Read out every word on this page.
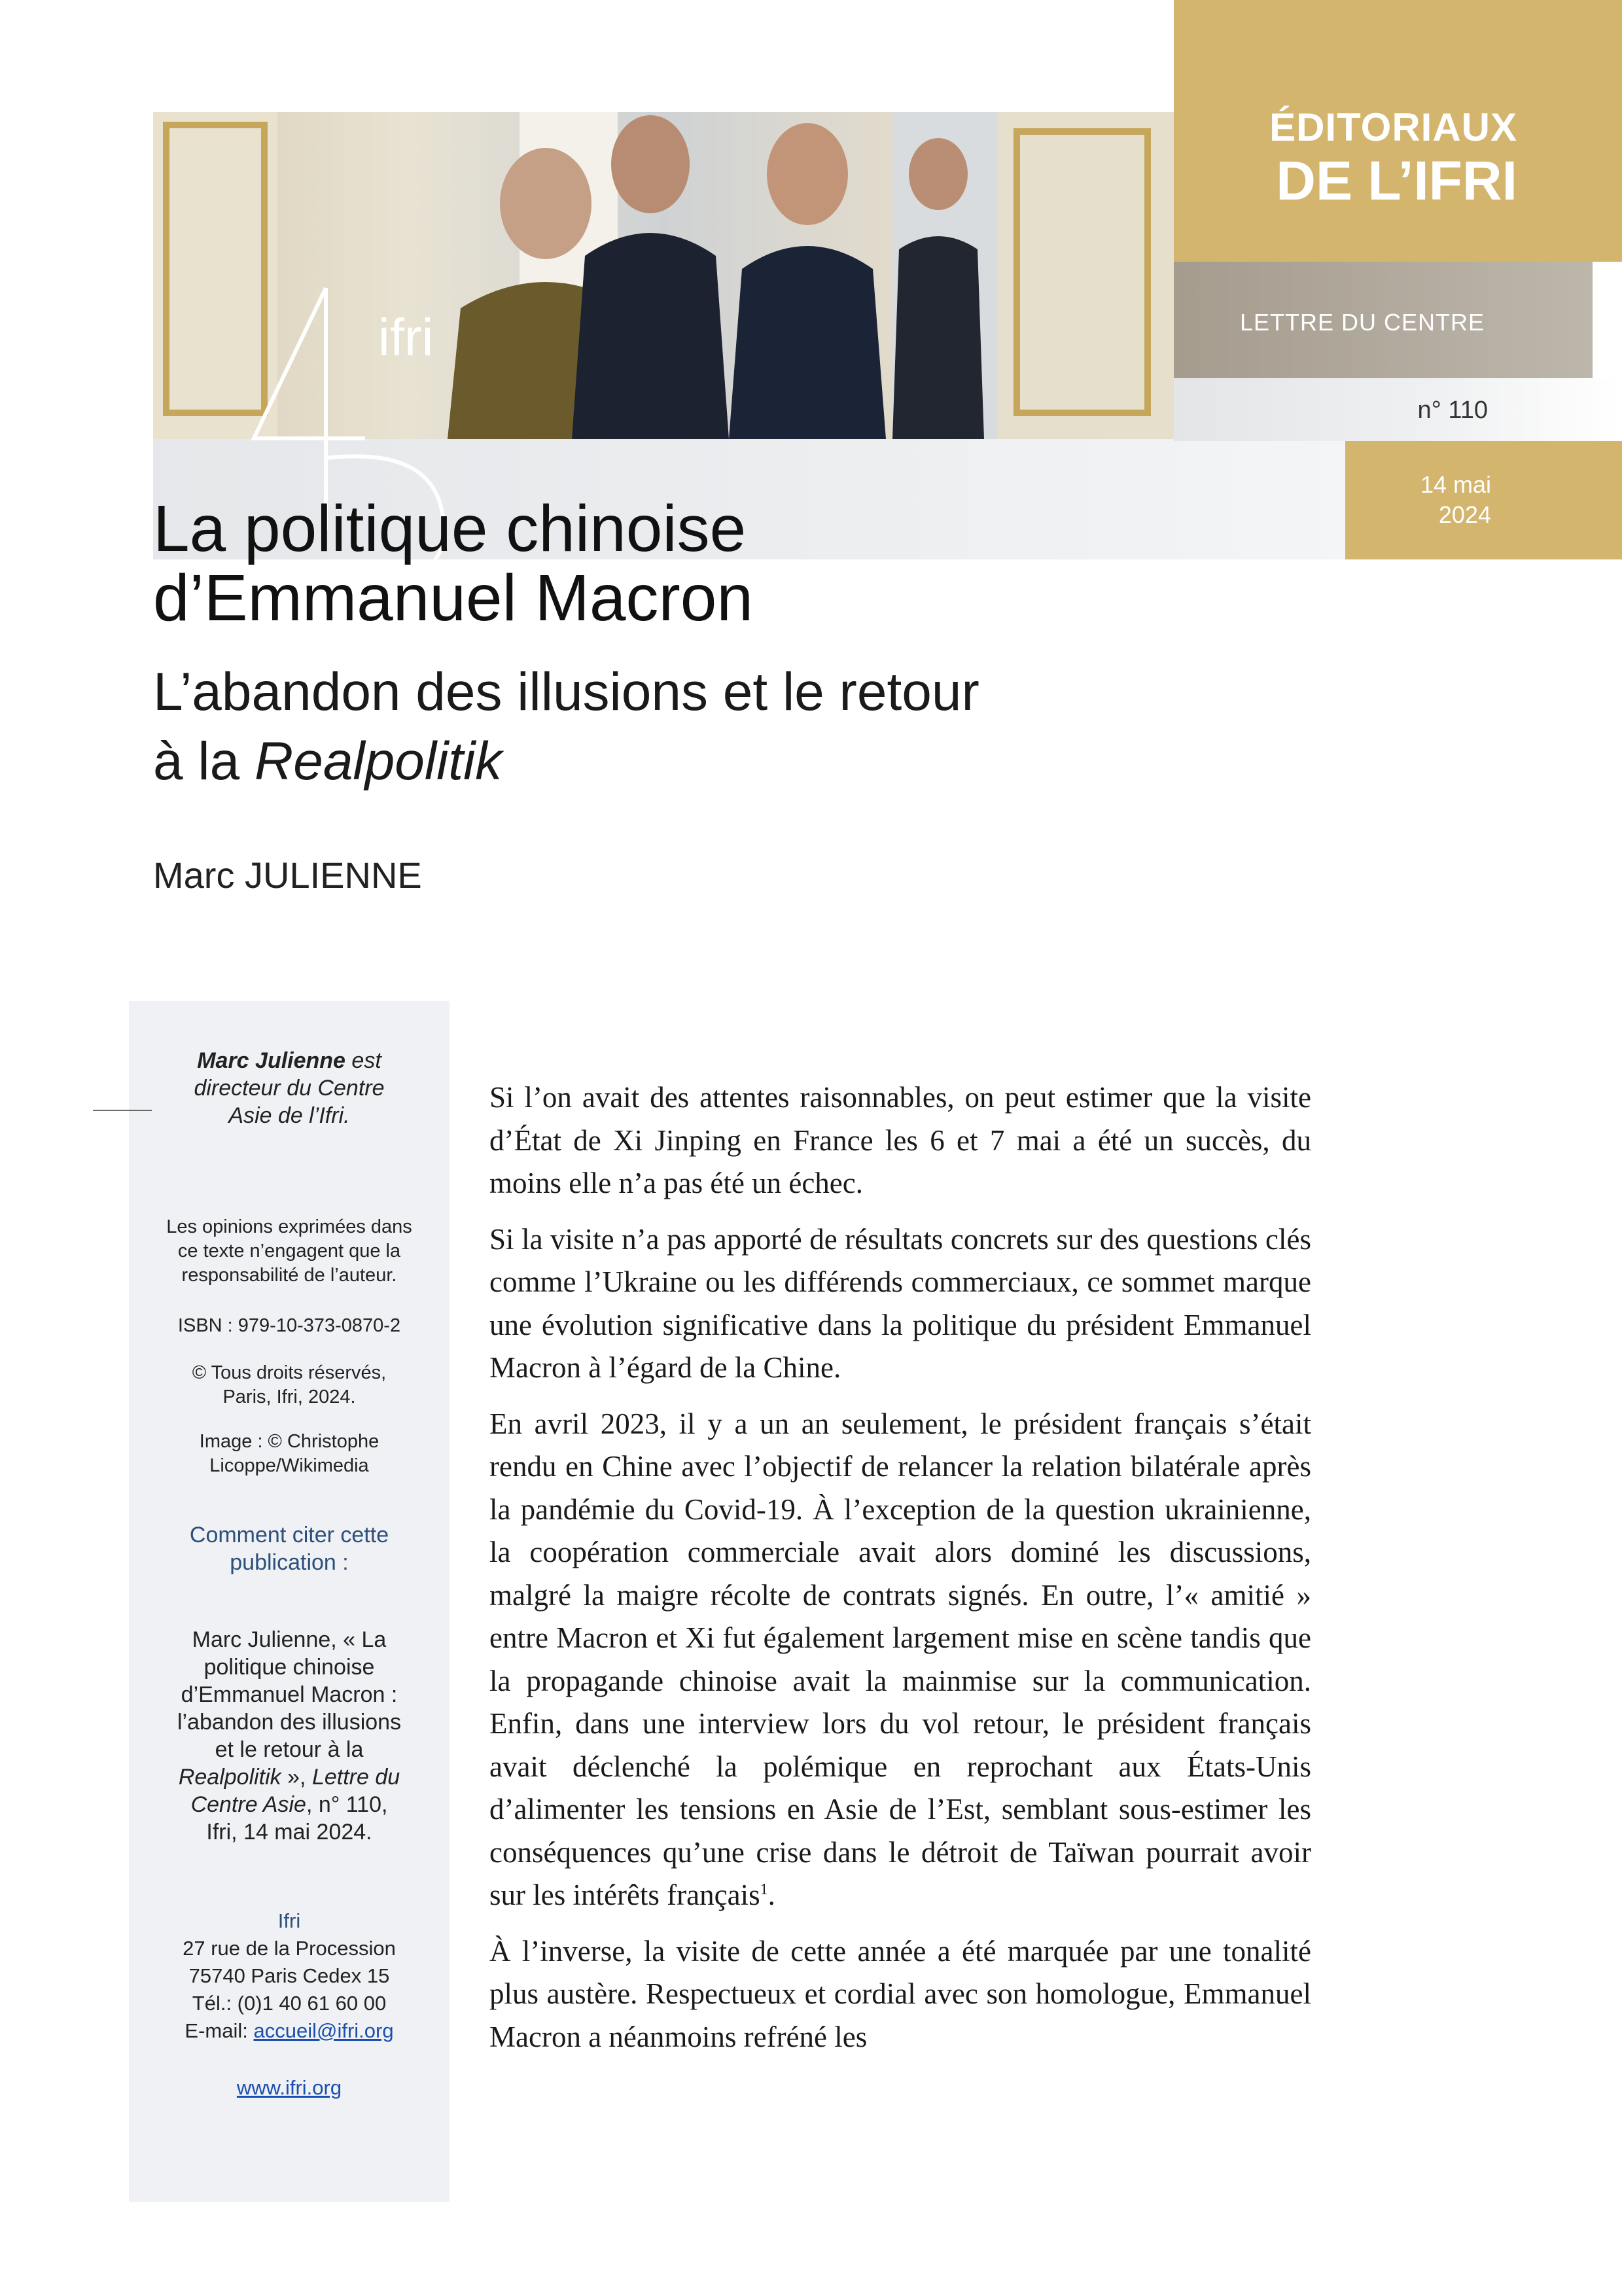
ifri
ÉDITORIAUX
DE L’IFRI
LETTRE DU CENTRE
n° 110
14 mai
2024
La politique chinoise
d’Emmanuel Macron
L’abandon des illusions et le retour
à la Realpolitik
Marc JULIENNE
Marc Julienne est
directeur du Centre
Asie de l’Ifri.
Les opinions exprimées dans
ce texte n’engagent que la
responsabilité de l’auteur.
ISBN : 979-10-373-0870-2
© Tous droits réservés,
Paris, Ifri, 2024.
Image : © Christophe
Licoppe/Wikimedia
Comment citer cette
publication :
Marc Julienne, « La
politique chinoise
d’Emmanuel Macron :
l’abandon des illusions
et le retour à la
Realpolitik », Lettre du
Centre Asie, n° 110,
Ifri, 14 mai 2024.
Ifri
27 rue de la Procession
75740 Paris Cedex 15
Tél.: (0)1 40 61 60 00
E-mail: accueil@ifri.org
www.ifri.org

Si l’on avait des attentes raisonnables, on peut estimer que la visite d’État de Xi Jinping en France les 6 et 7 mai a été un succès, du moins elle n’a pas été un échec.

Si la visite n’a pas apporté de résultats concrets sur des questions clés comme l’Ukraine ou les différends commerciaux, ce sommet marque une évolution significative dans la politique du président Emmanuel Macron à l’égard de la Chine.

En avril 2023, il y a un an seulement, le président français s’était rendu en Chine avec l’objectif de relancer la relation bilatérale après la pandémie du Covid-19. À l’exception de la question ukrainienne, la coopération commerciale avait alors dominé les discussions, malgré la maigre récolte de contrats signés. En outre, l’« amitié » entre Macron et Xi fut également largement mise en scène tandis que la propagande chinoise avait la mainmise sur la communication. Enfin, dans une interview lors du vol retour, le président français avait déclenché la polémique en reprochant aux États-Unis d’alimenter les tensions en Asie de l’Est, semblant sous-estimer les conséquences qu’une crise dans le détroit de Taïwan pourrait avoir sur les intérêts français$^1$.

À l’inverse, la visite de cette année a été marquée par une tonalité plus austère. Respectueux et cordial avec son homologue, Emmanuel Macron a néanmoins refréné les
